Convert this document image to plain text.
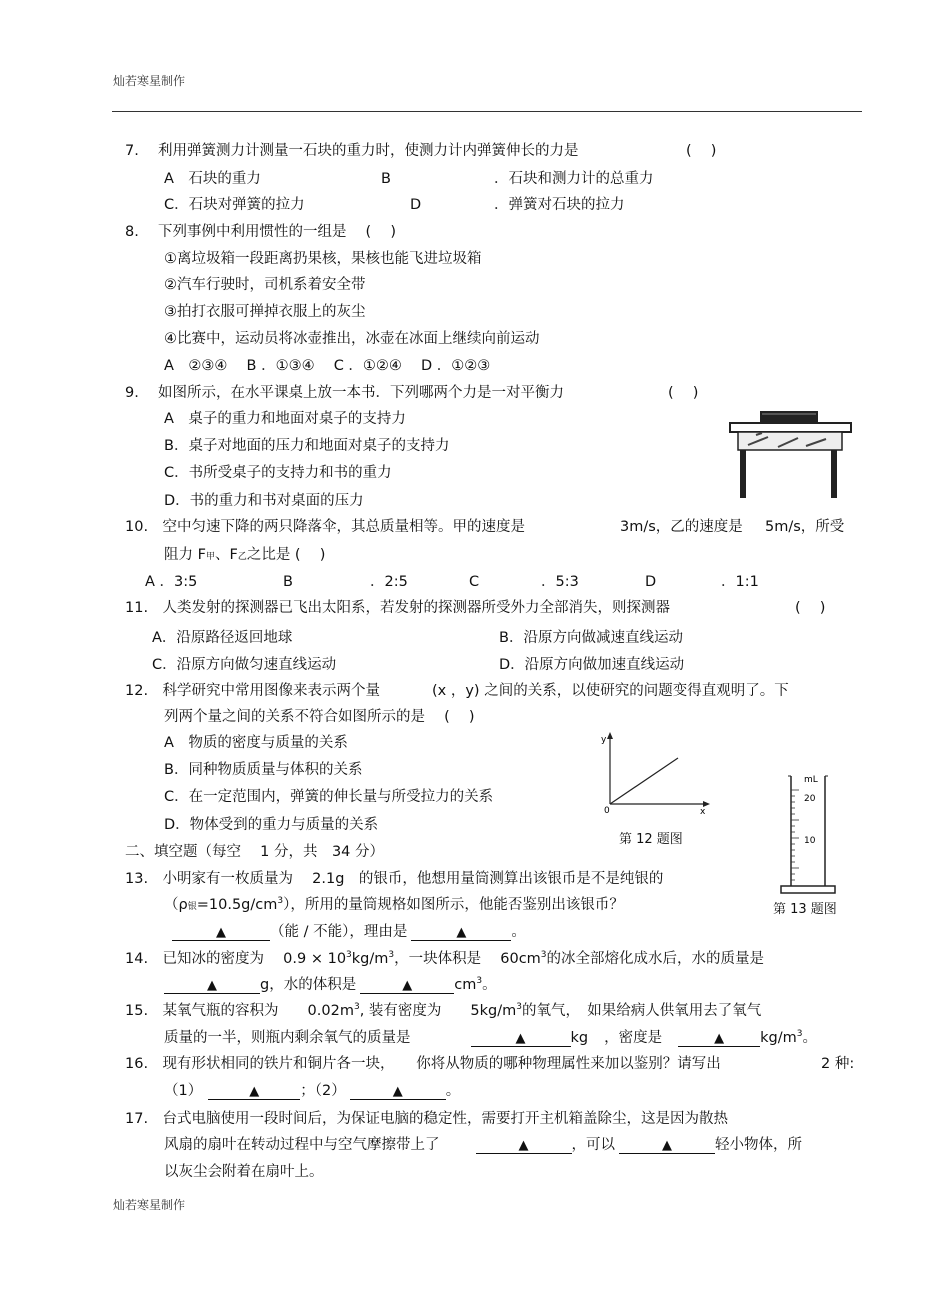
灿若寒星制作
7.　 利用弹簧测力计测量一石块的重力时，使测力计内弹簧伸长的力是	(　 )
A　石块的重力	B	．石块和测力计的总重力
C．石块对弹簧的拉力	D	．弹簧对石块的拉力
8.　 下列事例中利用惯性的一组是　 (　 )
①离垃圾箱一段距离扔果核，果核也能飞进垃圾箱
②汽车行驶时，司机系着安全带
③拍打衣服可掸掉衣服上的灰尘
④比赛中，运动员将冰壶推出，冰壶在冰面上继续向前运动
A　②③④　 B ．①③④　 C ．①②④　 D ．①②③
9.　 如图所示，在水平课桌上放一本书．下列哪两个力是一对平衡力	(　 )
A　桌子的重力和地面对桌子的支持力
B．桌子对地面的压力和地面对桌子的支持力
C．书所受桌子的支持力和书的重力
D．书的重力和书对桌面的压力
10.　空中匀速下降的两只降落伞，其总质量相等。甲的速度是	3m/s，乙的速度是 5m/s，所受
阻力 F甲、F乙之比是 (　 )
A ．3:5	B	．2:5	C	．5:3	D	．1:1
11.　人类发射的探测器已飞出太阳系，若发射的探测器所受外力全部消失，则探测器	(　 )
A．沿原路径返回地球	B．沿原方向做减速直线运动
C．沿原方向做匀速直线运动	D．沿原方向做加速直线运动
12.　科学研究中常用图像来表示两个量	(x ，y) 之间的关系，以使研究的问题变得直观明了。下
列两个量之间的关系不符合如图所示的是　 (　 )
A　物质的密度与质量的关系
B．同种物质质量与体积的关系
C．在一定范围内，弹簧的伸长量与所受拉力的关系
D．物体受到的重力与质量的关系
y
x
0
第 12 题图
mL
20
10
二、填空题（每空　 1 分，共　34 分）
13.　小明家有一枚质量为　 2.1g　的银币，他想用量筒测算出该银币是不是纯银的
（ρ银$=10.5g/cm^3$），所用的量筒规格如图所示，他能否鉴别出该银币？	第 13 题图
▲	（能 / 不能），理由是	▲	。
14.　已知冰的密度为　 $0.9 \times 10^3kg/m^3$，一块体积是　 $60cm^3$的冰全部熔化成水后，水的质量是
▲	g，水的体积是	▲	$cm^3$。
15.　某氧气瓶的容积为　　$0.02m^3$, 装有密度为　　$5kg/m^3$的氧气，　如果给病人供氧用去了氧气
质量的一半，则瓶内剩余氧气的质量是	▲	kg ，密度是	▲ $kg/m^3$。
16.　现有形状相同的铁片和铜片各一块，　　你将从物质的哪种物理属性来加以鉴别？请写出	2 种:
（1）	▲	；（2）	▲	。
17.　台式电脑使用一段时间后，为保证电脑的稳定性，需要打开主机箱盖除尘，这是因为散热
风扇的扇叶在转动过程中与空气摩擦带上了	▲	，可以	▲	轻小物体，所
以灰尘会附着在扇叶上。
灿若寒星制作
